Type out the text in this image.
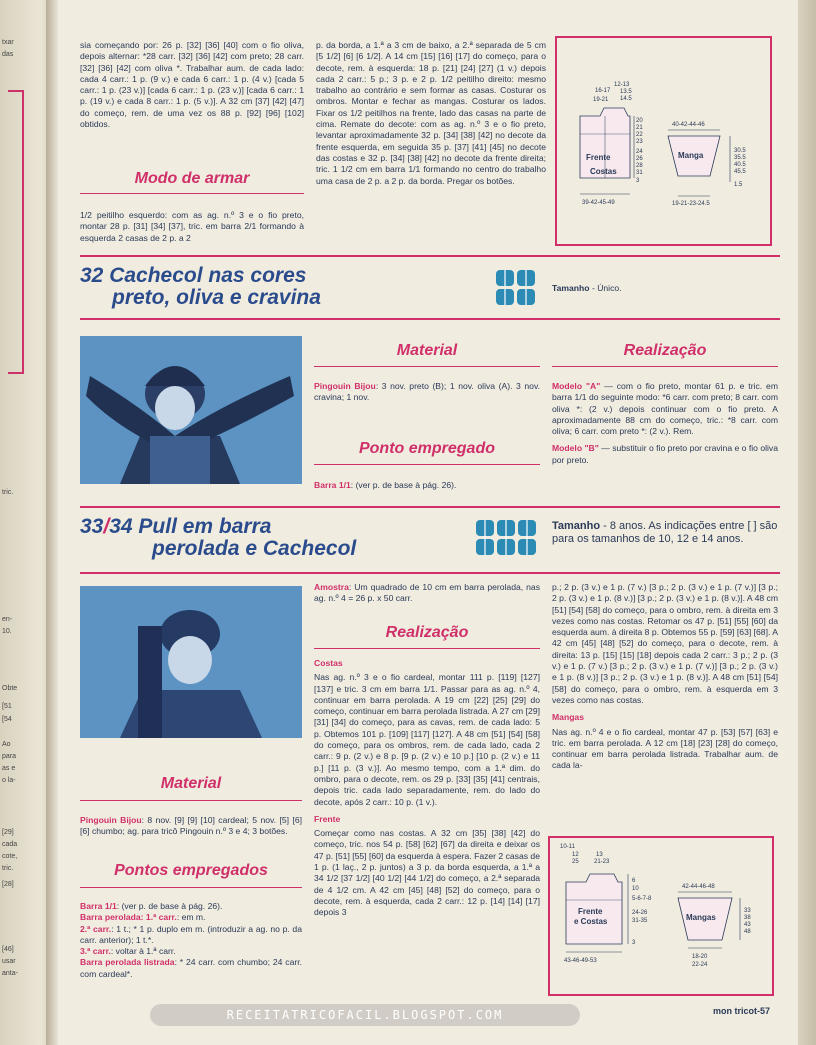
txar
das
tric.
en-
10.
Obte
[51
[54
Ao
para
as e
o la-
[29]
cada
cote,
tric.
[28]
[46]
usar
anta-

sia começando por: 26 p. [32] [36] [40] com o fio oliva, depois alternar: *28 carr. [32] [36] [42] com preto; 28 carr. [32] [36] [42] com oliva *. Trabalhar aum. de cada lado: cada 4 carr.: 1 p. (9 v.) e cada 6 carr.: 1 p. (4 v.) [cada 5 carr.: 1 p. (23 v.)] [cada 6 carr.: 1 p. (23 v.)] [cada 6 carr.: 1 p. (19 v.) e cada 8 carr.: 1 p. (5 v.)]. A 32 cm [37] [42] [47] do começo, rem. de uma vez os 88 p. [92] [96] [102] obtidos.

Modo de armar
1/2 peitilho esquerdo: com as ag. n.º 3 e o fio preto, montar 28 p. [31] [34] [37], tric. em barra 2/1 formando à esquerda 2 casas de 2 p. a 2

p. da borda, a 1.ª a 3 cm de baixo, a 2.ª separada de 5 cm [5 1/2] [6] [6 1/2]. A 14 cm [15] [16] [17] do começo, para o decote, rem. à esquerda: 18 p. [21] [24] [27] (1 v.) depois cada 2 carr.: 5 p.; 3 p. e 2 p. 1/2 peitilho direito: mesmo trabalho ao contrário e sem formar as casas. Costurar os ombros. Montar e fechar as mangas. Costurar os lados. Fixar os 1/2 peitilhos na frente, lado das casas na parte de cima. Remate do decote: com as ag. n.º 3 e o fio preto, levantar aproximadamente 32 p. [34] [38] [42] no decote da frente esquerda, em seguida 35 p. [37] [41] [45] no decote das costas e 32 p. [34] [38] [42] no decote da frente direita; tric. 1 1/2 cm em barra 1/1 formando no centro do trabalho uma casa de 2 p. a 2 p. da borda. Pregar os botões.

Frente
Costas
12-13
13.5
14.5
16-17
19-21
20
21
22
23
24
26
28
31
3
39-42-45-49
Manga
40-42-44-46
30.5
35.5
40.5
45.5
1.5
19-21-23-24.5
32 Cachecol nas cores
preto, oliva e cravina	Tamanho - Único.
Material
Pingouin Bijou: 3 nov. preto (B); 1 nov. oliva (A). 3 nov. cravina; 1 nov.
Ponto empregado
Barra 1/1: (ver p. de base à pág. 26).
Realização

Modelo "A" — com o fio preto, montar 61 p. e tric. em barra 1/1 do seguinte modo: *6 carr. com preto; 8 carr. com oliva *: (2 v.) depois continuar com o fio preto. A aproximadamente 88 cm do começo, tric.: *8 carr. com oliva; 6 carr. com preto *: (2 v.). Rem.

Modelo "B" — substituir o fio preto por cravina e o fio oliva por preto.

33/34 Pull em barra
perolada e Cachecol
Tamanho - 8 anos. As indicações entre [ ] são para os tamanhos de 10, 12 e 14 anos.
Material
Pingouin Bijou: 8 nov. [9] [9] [10] cardeal; 5 nov. [5] [6] [6] chumbo; ag. para tricô Pingouin n.º 3 e 4; 3 botões.
Pontos empregados

Barra 1/1: (ver p. de base à pág. 26).

Barra perolada: 1.ª carr.: em m.

2.ª carr.: 1 t.; * 1 p. duplo em m. (introduzir a ag. no p. da carr. anterior); 1 t.*.

3.ª carr.: voltar à 1.ª carr.

Barra perolada listrada: * 24 carr. com chumbo; 24 carr. com cardeal*.

Amostra: Um quadrado de 10 cm em barra perolada, nas ag. n.º 4 = 26 p. x 50 carr.

Realização
Costas

Nas ag. n.º 3 e o fio cardeal, montar 111 p. [119] [127] [137] e tric. 3 cm em barra 1/1. Passar para as ag. n.º 4, continuar em barra perolada. A 19 cm [22] [25] [29] do começo, continuar em barra perolada listrada. A 27 cm [29] [31] [34] do começo, para as cavas, rem. de cada lado: 5 p. Obtemos 101 p. [109] [117] [127]. A 48 cm [51] [54] [58] do começo, para os ombros, rem. de cada lado, cada 2 carr.: 9 p. (2 v.) e 8 p. [9 p. (2 v.) e 10 p.] [10 p. (2 v.) e 11 p.] [11 p. (3 v.)]. Ao mesmo tempo, com a 1.ª dim. do ombro, para o decote, rem. os 29 p. [33] [35] [41] centrais, depois tric. cada lado separadamente, rem. do lado do decote, após 2 carr.: 10 p. (1 v.).

Frente

Começar como nas costas. A 32 cm [35] [38] [42] do começo, tric. nos 54 p. [58] [62] [67] da direita e deixar os 47 p. [51] [55] [60] da esquerda à espera. Fazer 2 casas de 1 p. (1 laç., 2 p. juntos) a 3 p. da borda esquerda, a 1.ª a 34 1/2 [37 1/2] [40 1/2] [44 1/2] do começo, a 2.ª separada de 4 1/2 cm. A 42 cm [45] [48] [52] do começo, para o decote, rem. à esquerda, cada 2 carr.: 12 p. [14] [14] [17] depois 3

p.; 2 p. (3 v.) e 1 p. (7 v.) [3 p.; 2 p. (3 v.) e 1 p. (7 v.)] [3 p.; 2 p. (3 v.) e 1 p. (8 v.)] [3 p.; 2 p. (3 v.) e 1 p. (8 v.)]. A 48 cm [51] [54] [58] do começo, para o ombro, rem. à direita em 3 vezes como nas costas. Retomar os 47 p. [51] [55] [60] da esquerda aum. à direita 8 p. Obtemos 55 p. [59] [63] [68]. A 42 cm [45] [48] [52] do começo, para o decote, rem. à direita: 13 p. [15] [15] [18] depois cada 2 carr.: 3 p.; 2 p. (3 v.) e 1 p. (7 v.) [3 p.; 2 p. (3 v.) e 1 p. (7 v.)] [3 p.; 2 p. (3 v.) e 1 p. (8 v.)] [3 p.; 2 p. (3 v.) e 1 p. (8 v.)]. A 48 cm [51] [54] [58] do começo, para o ombro, rem. à esquerda em 3 vezes como nas costas.

Mangas

Nas ag. n.º 4 e o fio cardeal, montar 47 p. [53] [57] [63] e tric. em barra perolada. A 12 cm [18] [23] [28] do começo, continuar em barra perolada listrada. Trabalhar aum. de cada la-

Frente
e Costas
10-11
12
25
13
21-23
6
10
5-6-7-8
24-26
31-35
3
43-46-49-53
Mangas
42-44-46-48
33
38
43
48
18-20
22-24
RECEITATRICOFACIL.BLOGSPOT.COM	mon tricot-57
